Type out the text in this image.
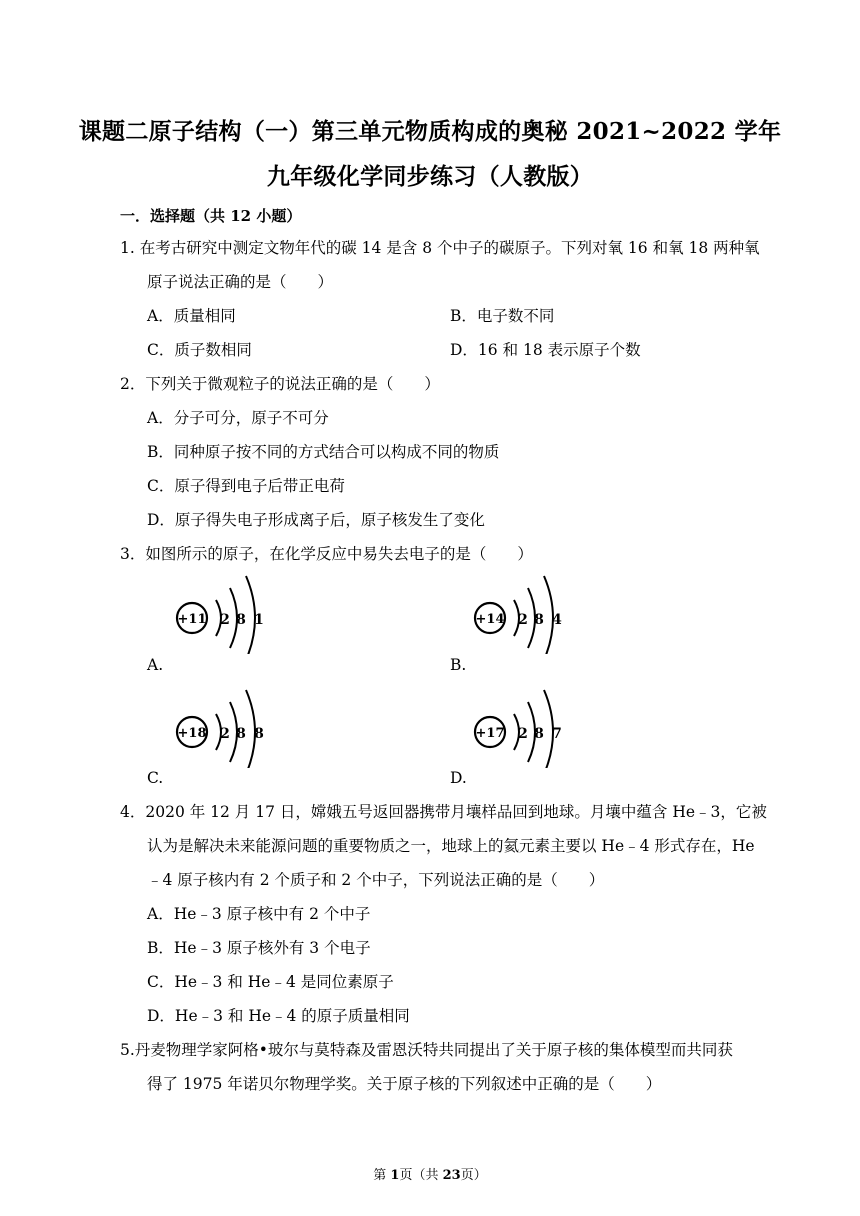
课题二原子结构（一）第三单元物质构成的奥秘 2021~2022 学年
九年级化学同步练习（人教版）
一．选择题（共 12 小题）
1. 在考古研究中测定文物年代的碳 14 是含 8 个中子的碳原子。下列对氧 16 和氧 18 两种氧
原子说法正确的是（　　）
A．质量相同	B．电子数不同
C．质子数相同	D．16 和 18 表示原子个数
2．下列关于微观粒子的说法正确的是（　　）
A．分子可分，原子不可分
B．同种原子按不同的方式结合可以构成不同的物质
C．原子得到电子后带正电荷
D．原子得失电子形成离子后，原子核发生了变化
3．如图所示的原子，在化学反应中易失去电子的是（　　）
+11 2 8 1
A.
+14 2 8 4
B.
+18 2 8 8
C.
+17 2 8 7
D.
4．2020 年 12 月 17 日，嫦娥五号返回器携带月壤样品回到地球。月壤中蕴含 He﹣3，它被
认为是解决未来能源问题的重要物质之一，地球上的氦元素主要以 He﹣4 形式存在，He
﹣4 原子核内有 2 个质子和 2 个中子，下列说法正确的是（　　）
A．He﹣3 原子核中有 2 个中子
B．He﹣3 原子核外有 3 个电子
C．He﹣3 和 He﹣4 是同位素原子
D．He﹣3 和 He﹣4 的原子质量相同
5.丹麦物理学家阿格•玻尔与莫特森及雷恩沃特共同提出了关于原子核的集体模型而共同获
得了 1975 年诺贝尔物理学奖。关于原子核的下列叙述中正确的是（　　）
第 1页（共 23页）
